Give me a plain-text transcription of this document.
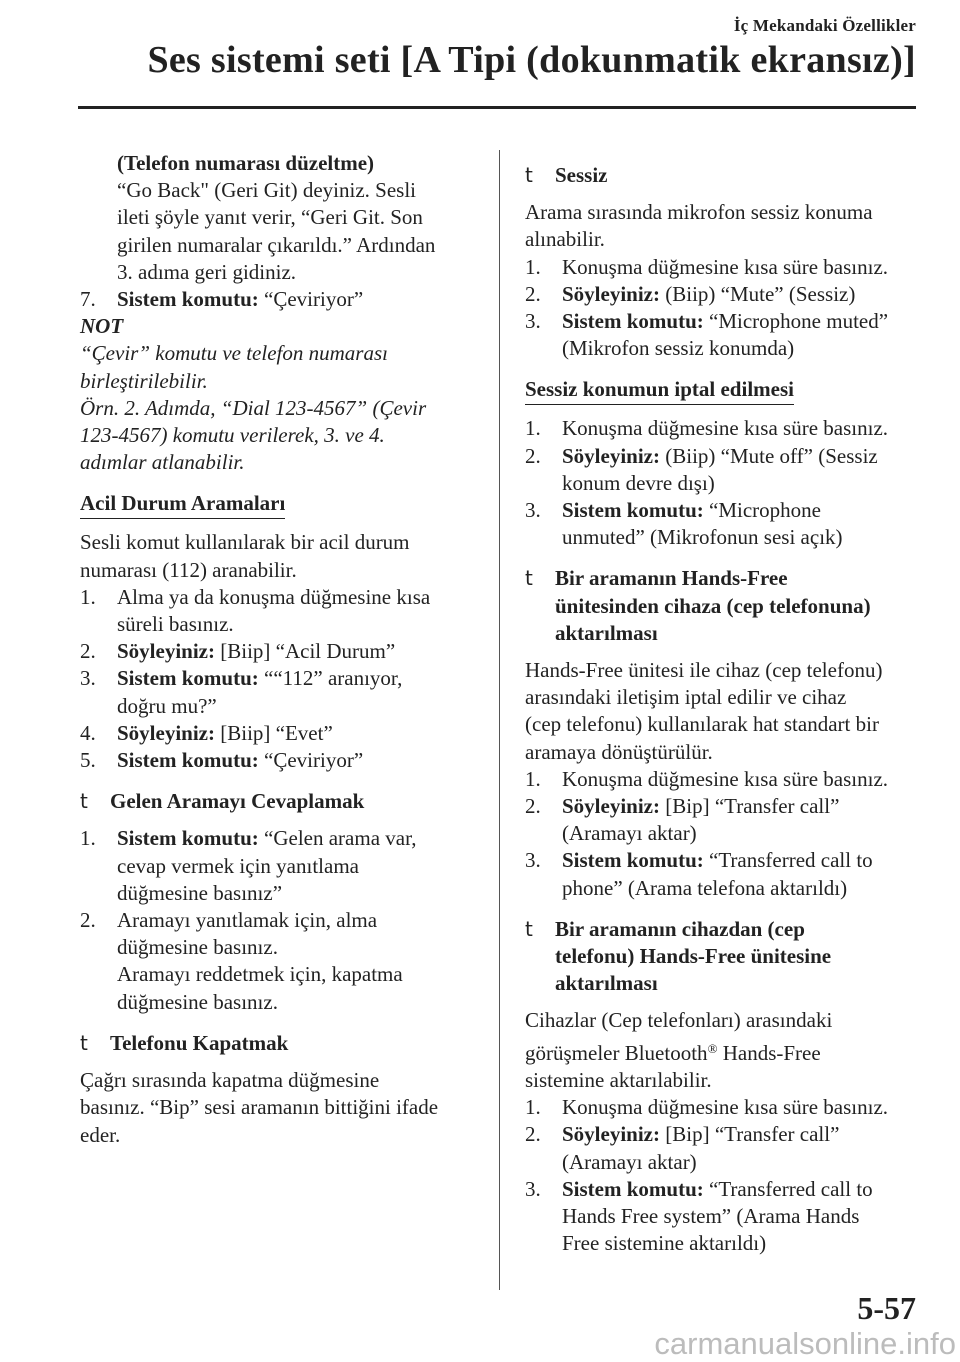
İç Mekandaki Özellikler
Ses sistemi seti [A Tipi (dokunmatik ekransız)]

(Telefon numarası düzeltme)

“Go Back" (Geri Git) deyiniz. Sesli

ileti şöyle yanıt verir, “Geri Git. Son

girilen numaralar çıkarıldı.” Ardından

3. adıma geri gidiniz.

7.	Sistem komutu: “Çeviriyor”

NOT

“Çevir” komutu ve telefon numarası

birleştirilebilir.

Örn. 2. Adımda, “Dial 123-4567” (Çevir

123-4567) komutu verilerek, 3. ve 4.

adımlar atlanabilir.

Acil Durum Aramaları

Sesli komut kullanılarak bir acil durum

numarası (112) aranabilir.

1.	Alma ya da konuşma düğmesine kısa
süreli basınız.
2.	Söyleyiniz: [Biip] “Acil Durum”
3.	Sistem komutu: ““112” aranıyor,
doğru mu?”
4.	Söyleyiniz: [Biip] “Evet”
5.	Sistem komutu: “Çeviriyor”
t	Gelen Aramayı Cevaplamak
1.	Sistem komutu: “Gelen arama var,
cevap vermek için yanıtlama
düğmesine basınız”
2.	Aramayı yanıtlamak için, alma
düğmesine basınız.
Aramayı reddetmek için, kapatma
düğmesine basınız.
t	Telefonu Kapatmak

Çağrı sırasında kapatma düğmesine

basınız. “Bip” sesi aramanın bittiğini ifade

eder.

t	Sessiz

Arama sırasında mikrofon sessiz konuma

alınabilir.

1.	Konuşma düğmesine kısa süre basınız.
2.	Söyleyiniz: (Biip) “Mute” (Sessiz)
3.	Sistem komutu: “Microphone muted”
(Mikrofon sessiz konumda)
Sessiz konumun iptal edilmesi
1.	Konuşma düğmesine kısa süre basınız.
2.	Söyleyiniz: (Biip) “Mute off” (Sessiz
konum devre dışı)
3.	Sistem komutu: “Microphone
unmuted” (Mikrofonun sesi açık)
t	Bir aramanın Hands-Free
ünitesinden cihaza (cep telefonuna)
aktarılması

Hands-Free ünitesi ile cihaz (cep telefonu)

arasındaki iletişim iptal edilir ve cihaz

(cep telefonu) kullanılarak hat standart bir

aramaya dönüştürülür.

1.	Konuşma düğmesine kısa süre basınız.
2.	Söyleyiniz: [Bip] “Transfer call”
(Aramayı aktar)
3.	Sistem komutu: “Transferred call to
phone” (Arama telefona aktarıldı)
t	Bir aramanın cihazdan (cep
telefonu) Hands-Free ünitesine
aktarılması

Cihazlar (Cep telefonları) arasındaki

görüşmeler Bluetooth® Hands-Free

sistemine aktarılabilir.

1.	Konuşma düğmesine kısa süre basınız.
2.	Söyleyiniz: [Bip] “Transfer call”
(Aramayı aktar)
3.	Sistem komutu: “Transferred call to
Hands Free system” (Arama Hands
Free sistemine aktarıldı)
5-57
carmanualsonline.info
